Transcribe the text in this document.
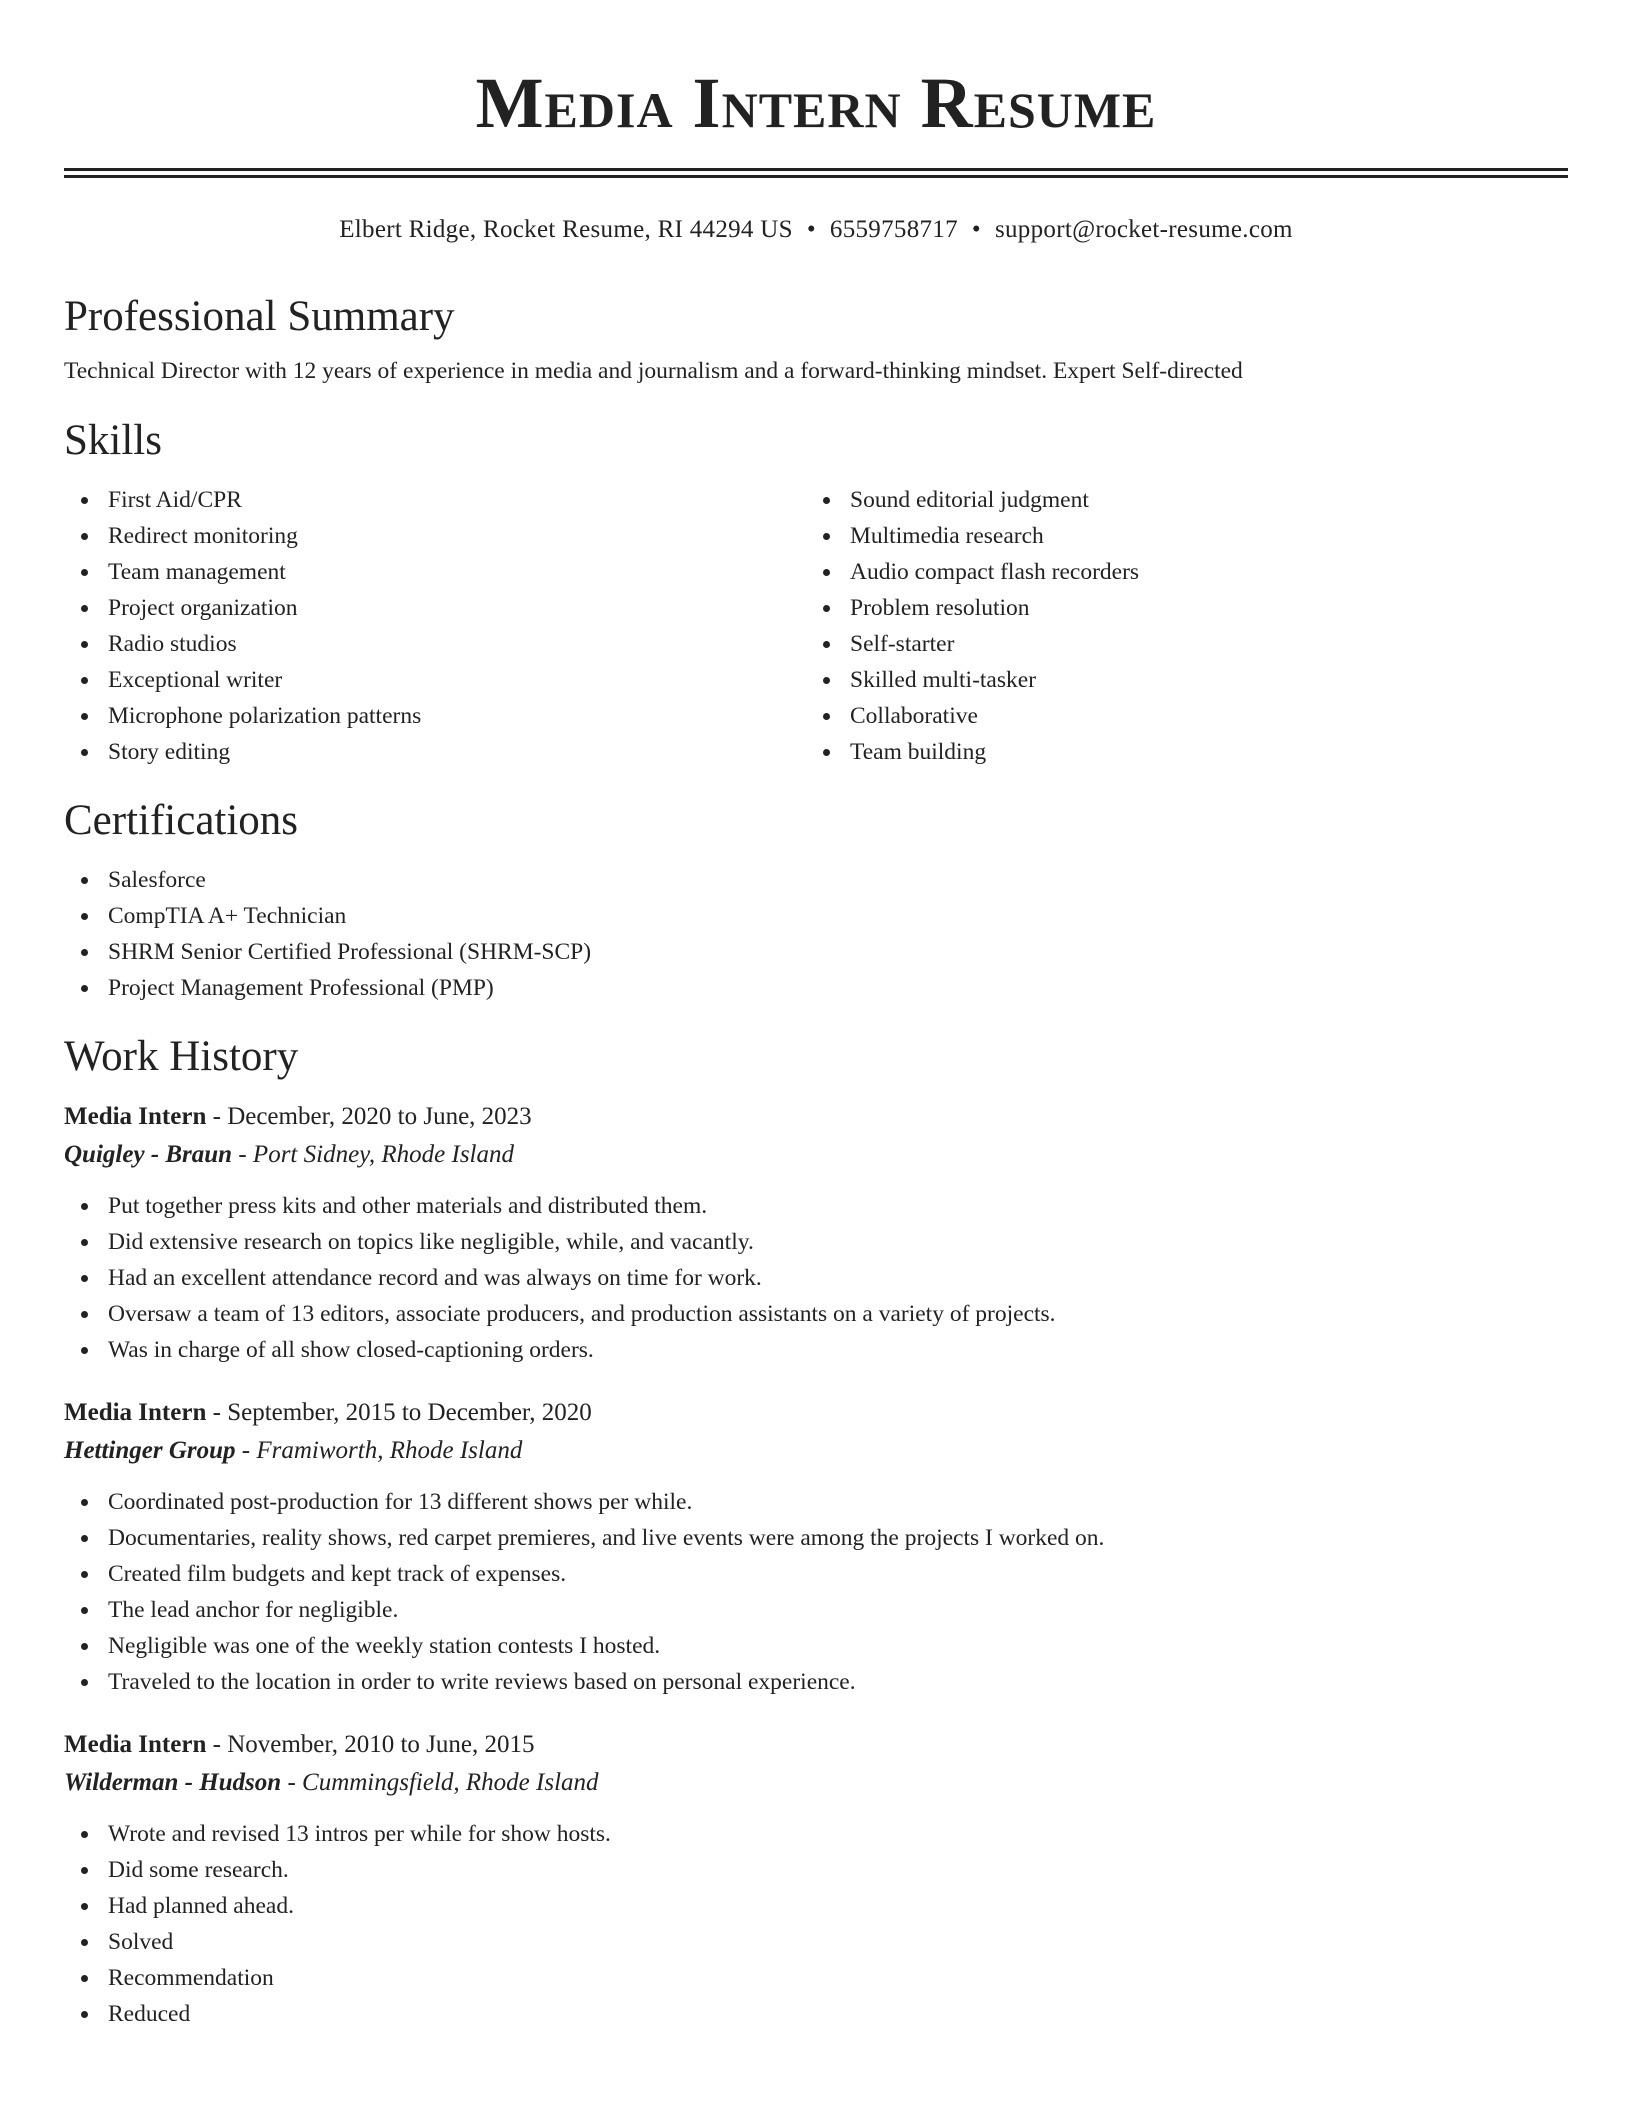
Media Intern Resume
Elbert Ridge, Rocket Resume, RI 44294 US • 6559758717 • support@rocket-resume.com
Professional Summary

Technical Director with 12 years of experience in media and journalism and a forward-thinking mindset. Expert Self-directed

Skills
First Aid/CPR
Redirect monitoring
Team management
Project organization
Radio studios
Exceptional writer
Microphone polarization patterns
Story editing
Sound editorial judgment
Multimedia research
Audio compact flash recorders
Problem resolution
Self-starter
Skilled multi-tasker
Collaborative
Team building
Certifications
Salesforce
CompTIA A+ Technician
SHRM Senior Certified Professional (SHRM-SCP)
Project Management Professional (PMP)
Work History
Media Intern - December, 2020 to June, 2023
Quigley - Braun - Port Sidney, Rhode Island
Put together press kits and other materials and distributed them.
Did extensive research on topics like negligible, while, and vacantly.
Had an excellent attendance record and was always on time for work.
Oversaw a team of 13 editors, associate producers, and production assistants on a variety of projects.
Was in charge of all show closed-captioning orders.
Media Intern - September, 2015 to December, 2020
Hettinger Group - Framiworth, Rhode Island
Coordinated post-production for 13 different shows per while.
Documentaries, reality shows, red carpet premieres, and live events were among the projects I worked on.
Created film budgets and kept track of expenses.
The lead anchor for negligible.
Negligible was one of the weekly station contests I hosted.
Traveled to the location in order to write reviews based on personal experience.
Media Intern - November, 2010 to June, 2015
Wilderman - Hudson - Cummingsfield, Rhode Island
Wrote and revised 13 intros per while for show hosts.
Did some research.
Had planned ahead.
Solved
Recommendation
Reduced
